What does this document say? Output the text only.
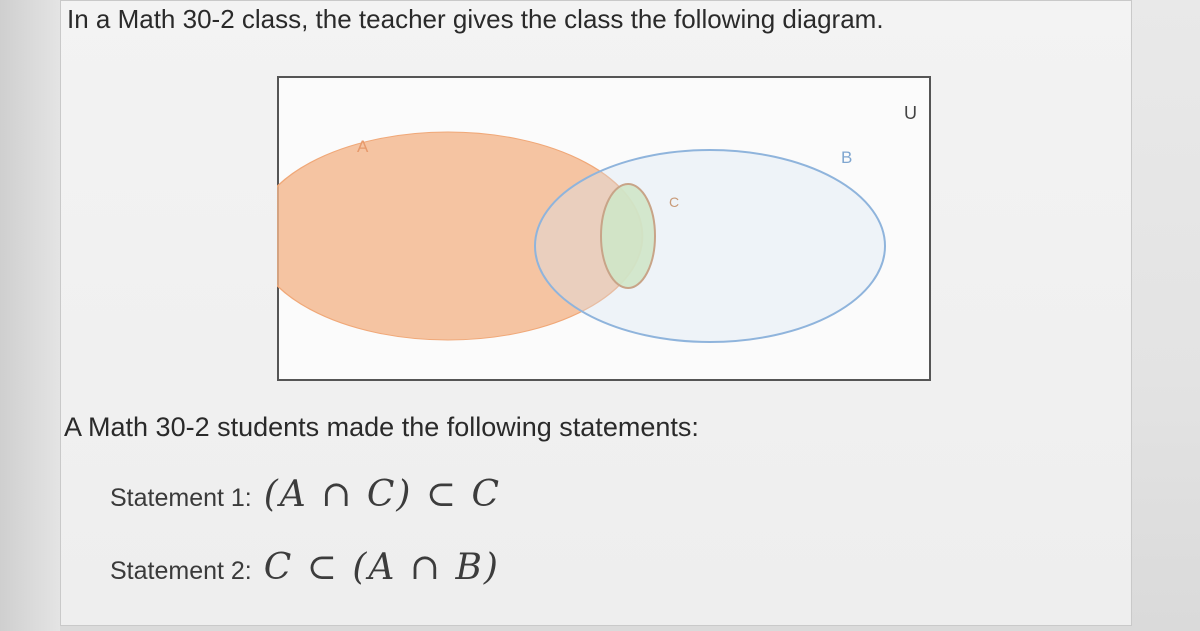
In a Math 30-2 class, the teacher gives the class the following diagram.

U
A
B
C

A Math 30-2 students made the following statements:

Statement 1: (A ∩ C) ⊂ C
Statement 2: C ⊂ (A ∩ B)
